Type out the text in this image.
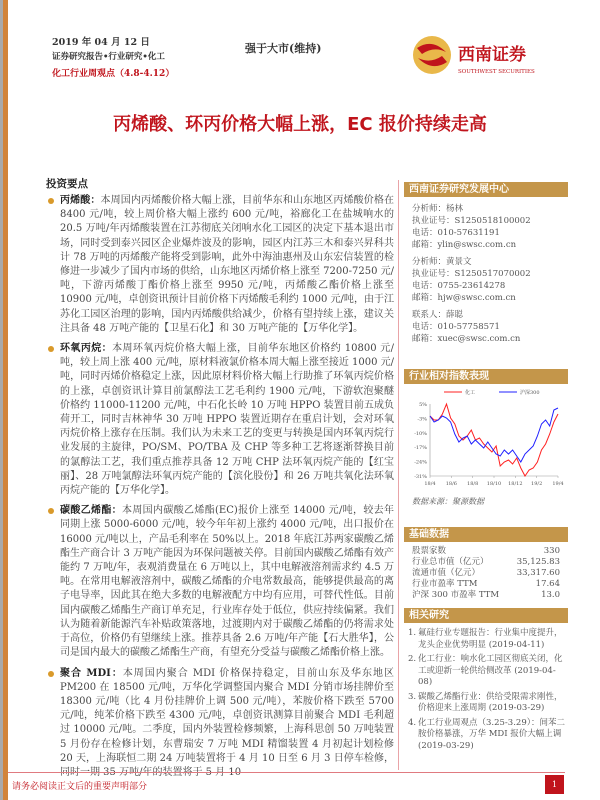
2019 年 04 月 12 日
证券研究报告•行业研究•化工
化工行业周观点（4.8-4.12）
强于大市(维持)	西南证券
SOUTHWEST SECURITIES
丙烯酸、环丙价格大幅上涨，EC 报价持续走高
投资要点
丙烯酸：本周国内丙烯酸价格大幅上涨，目前华东和山东地区丙烯酸价格在 8400 元/吨，较上周价格大幅上涨约 600 元/吨，裕廊化工在盐城响水的 20.5 万吨/年丙烯酸装置在江苏彻底关闭响水化工园区的决定下基本退出市场，同时受到泰兴园区企业爆炸波及的影响，园区内江苏三木和泰兴昇科共计 78 万吨的丙烯酸产能将受到影响，此外中海油惠州及山东宏信装置的检修进一步减少了国内市场的供给，山东地区丙烯价格上涨至 7200-7250 元/吨，下游丙烯酸丁酯价格上涨至 9950 元/吨，丙烯酸乙酯价格上涨至 10900 元/吨，卓创资讯预计目前价格下丙烯酸毛利约 1000 元/吨，由于江苏化工园区治理的影响，国内丙烯酸供给减少，价格有望持续上涨，建议关注具备 48 万吨产能的【卫星石化】和 30 万吨产能的【万华化学】。
环氧丙烷：本周环氧丙烷价格大幅上涨，目前华东地区价格约 10800 元/吨，较上周上涨 400 元/吨，原材料液氯价格本周大幅上涨至接近 1000 元/吨，同时丙烯价格稳定上涨，因此原材料价格大幅上行助推了环氧丙烷价格的上涨，卓创资讯计算目前氯醇法工艺毛利约 1900 元/吨，下游软泡聚醚价格约 11000-11200 元/吨，中石化长岭 10 万吨 HPPO 装置目前五成负荷开工，同时吉林神华 30 万吨 HPPO 装置近期存在重启计划，会对环氧丙烷价格上涨存在压制。我们认为未来工艺的变更与转换是国内环氧丙烷行业发展的主旋律，PO/SM、PO/TBA 及 CHP 等多种工艺将逐渐替换目前的氯醇法工艺，我们重点推荐具备 12 万吨 CHP 法环氧丙烷产能的【红宝丽】、28 万吨氯醇法环氧丙烷产能的【滨化股份】和 26 万吨共氧化法环氧丙烷产能的【万华化学】。
碳酸乙烯酯：本周国内碳酸乙烯酯(EC)报价上涨至 14000 元/吨，较去年同期上涨 5000-6000 元/吨，较今年年初上涨约 4000 元/吨，出口报价在 16000 元/吨以上，产品毛利率在 50%以上。2018 年底江苏两家碳酸乙烯酯生产商合计 3 万吨产能因为环保问题被关停。目前国内碳酸乙烯酯有效产能约 7 万吨/年，表观消费量在 6 万吨以上，其中电解液溶剂需求约 4.5 万吨。在常用电解液溶剂中，碳酸乙烯酯的介电常数最高，能够提供最高的离子电导率，因此其在绝大多数的电解液配方中均有应用，可替代性低。目前国内碳酸乙烯酯生产商订单充足，行业库存处于低位，供应持续偏紧。我们认为随着新能源汽车补贴政策落地，过渡期内对于碳酸乙烯酯的仍将需求处于高位，价格仍有望继续上涨。推荐具备 2.6 万吨/年产能【石大胜华】，公司是国内最大的碳酸乙烯酯生产商，有望充分受益与碳酸乙烯酯价格上涨。
聚合 MDI：本周国内聚合 MDI 价格保持稳定，目前山东及华东地区 PM200 在 18500 元/吨，万华化学调整国内聚合 MDI 分销市场挂牌价至 18300 元/吨（比 4 月份挂牌价上调 500 元/吨），苯胺价格下跌至 5700 元/吨，纯苯价格下跌至 4300 元/吨，卓创资讯测算目前聚合 MDI 毛利超过 10000 元/吨。二季度，国内外装置检修频繁，上海科思创 50 万吨装置 5 月份存在检修计划，东曹瑞安 7 万吨 MDI 精馏装置 4 月初起计划检修 20 天，上海联恒二期 24 万吨装置将于 4 月 10 日至 6 月 3 日停车检修，
西南证券研究发展中心
分析师：杨林
执业证号：S1250518100002
电话：010-57631191
邮箱：ylin@swsc.com.cn
分析师：黄景文
执业证号：S1250517070002
电话：0755-23614278
邮箱：hjw@swsc.com.cn
联系人：薛聪
电话：010-57758571
邮箱：xuec@swsc.com.cn
行业相对指数表现
5%
-3%
-10%
-17%
-24%
-31%
18/4 18/6 18/8 18/10 18/12 19/2 19/4
化工	沪深300
数据来源：聚源数据
基础数据
股票家数	330
行业总市值（亿元）	35,125.83
流通市值（亿元）	33,317.60
行业市盈率 TTM	17.64
沪深 300 市盈率 TTM	13.0
相关研究
1. 氟硅行业专题报告：行业集中度提升，龙头企业优势明显 (2019-04-11)
2. 化工行业：响水化工园区彻底关闭，化工或迎新一轮供给侧改革 (2019-04-08)
3. 碳酸乙烯酯行业：供给受限需求刚性，价格迎来上涨周期 (2019-03-29)
4. 化工行业周观点（3.25-3.29）：间苯二胺价格暴涨，万华 MDI 报价大幅上调 (2019-03-29)
请务必阅读正文后的重要声明部分	1
